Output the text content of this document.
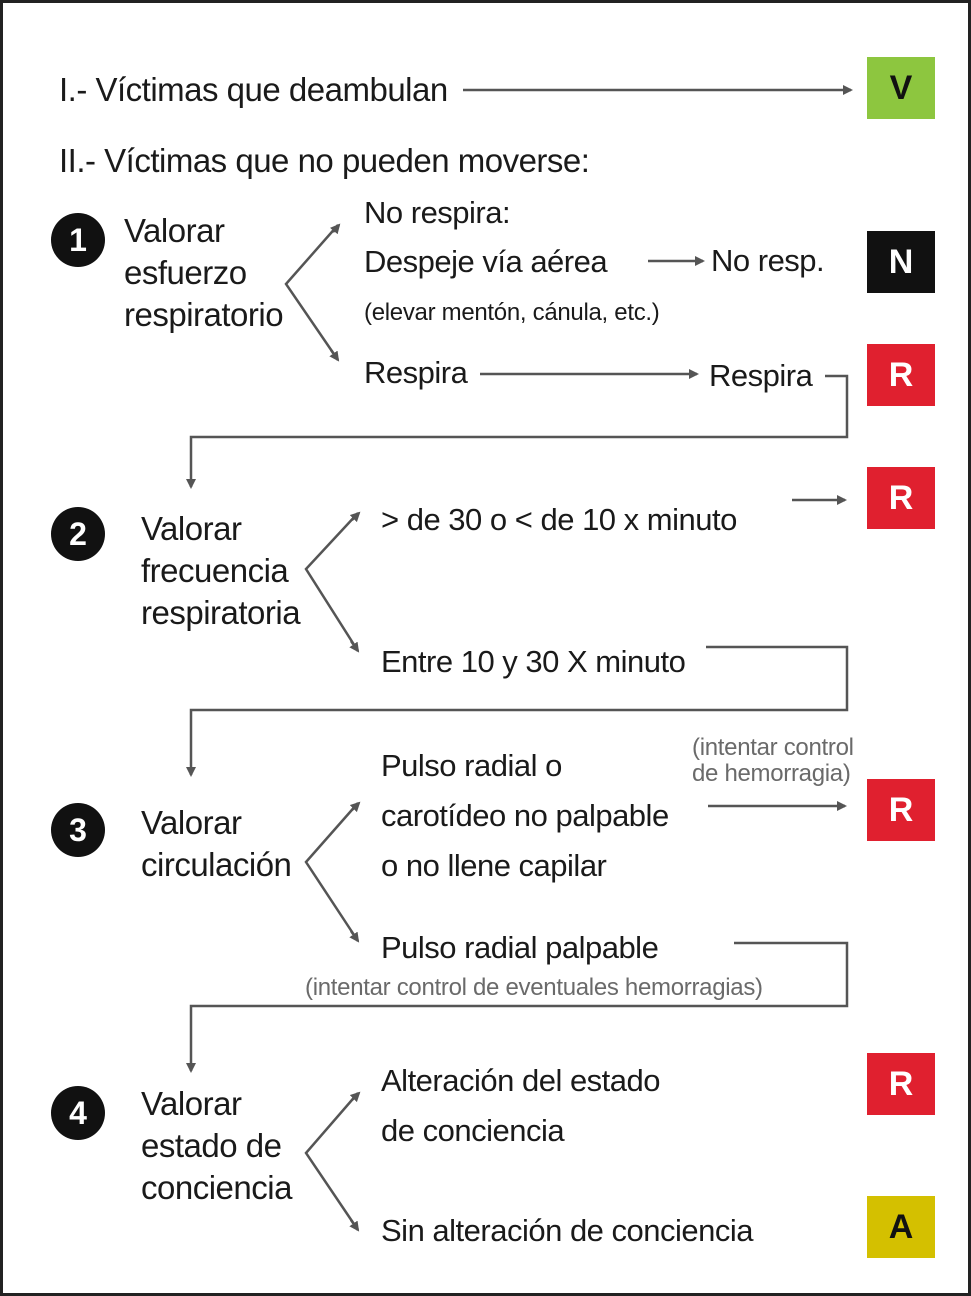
I.- Víctimas que deambulan	V
II.- Víctimas que no pueden moverse:
1	Valorar
esfuerzo
respiratorio
No respira:
Despeje vía aérea	No resp.	N
(elevar mentón, cánula, etc.)
Respira	Respira	R
2	Valorar
frecuencia
respiratoria
> de 30 o < de 10 x minuto
R
Entre 10 y 30 X minuto
3	Valorar
circulación
Pulso radial o
carotídeo no palpable
o no llene capilar
(intentar control
de hemorragia)
R
Pulso radial palpable
(intentar control de eventuales hemorragias)
4	Valorar
estado de
conciencia
Alteración del estado
de conciencia
R
Sin alteración de conciencia	A
